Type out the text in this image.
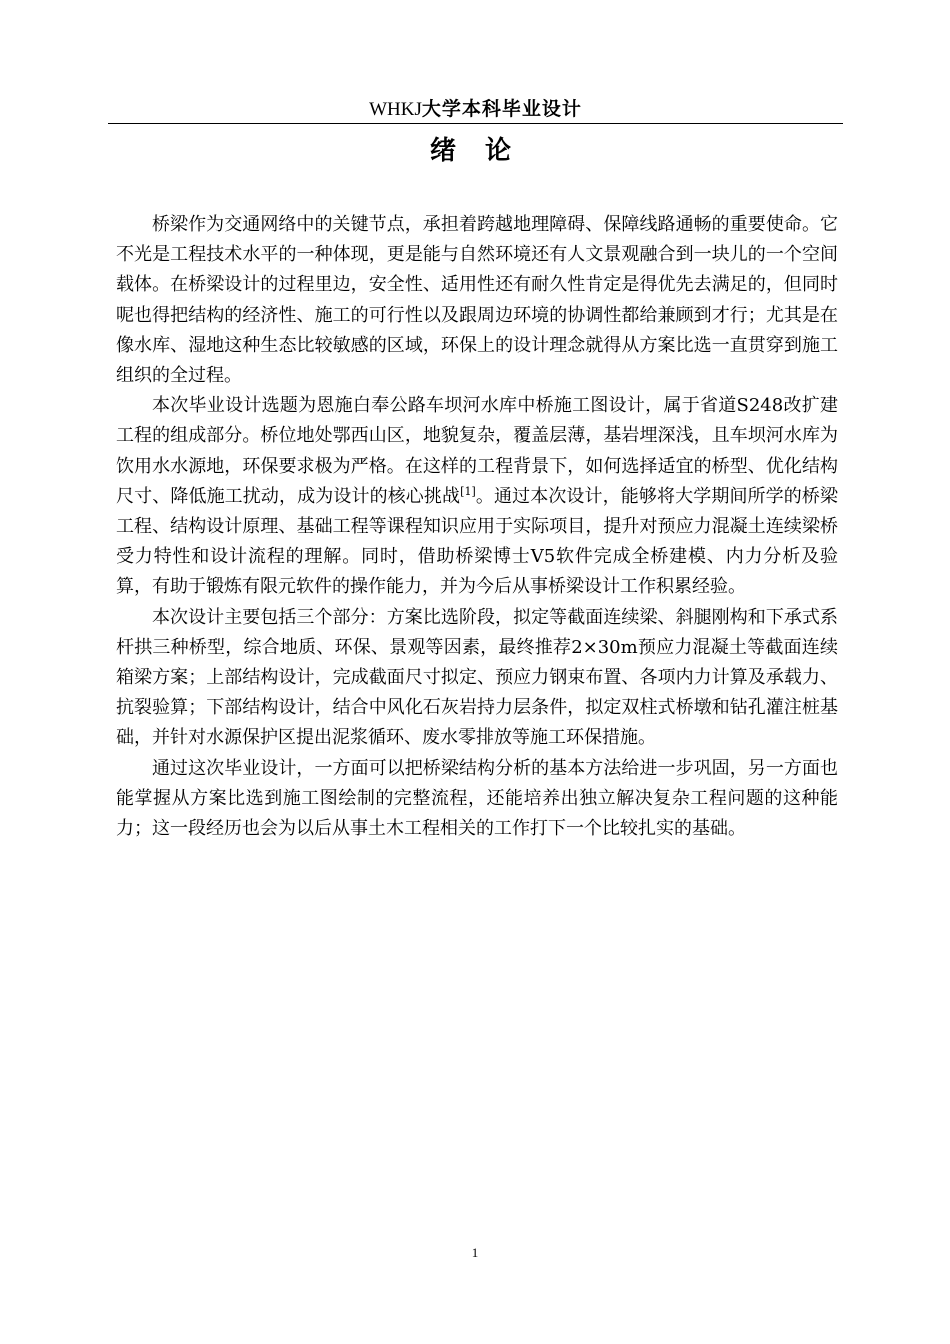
WHKJ大学本科毕业设计
绪 论

桥梁作为交通网络中的关键节点，承担着跨越地理障碍、保障线路通畅的重要使命。它不光是工程技术水平的一种体现，更是能与自然环境还有人文景观融合到一块儿的一个空间载体。在桥梁设计的过程里边，安全性、适用性还有耐久性肯定是得优先去满足的，但同时呢也得把结构的经济性、施工的可行性以及跟周边环境的协调性都给兼顾到才行；尤其是在像水库、湿地这种生态比较敏感的区域，环保上的设计理念就得从方案比选一直贯穿到施工组织的全过程。

本次毕业设计选题为恩施白奉公路车坝河水库中桥施工图设计，属于省道S248改扩建工程的组成部分。桥位地处鄂西山区，地貌复杂，覆盖层薄，基岩埋深浅，且车坝河水库为饮用水水源地，环保要求极为严格。在这样的工程背景下，如何选择适宜的桥型、优化结构尺寸、降低施工扰动，成为设计的核心挑战[1]。通过本次设计，能够将大学期间所学的桥梁工程、结构设计原理、基础工程等课程知识应用于实际项目，提升对预应力混凝土连续梁桥受力特性和设计流程的理解。同时，借助桥梁博士V5软件完成全桥建模、内力分析及验算，有助于锻炼有限元软件的操作能力，并为今后从事桥梁设计工作积累经验。

本次设计主要包括三个部分：方案比选阶段，拟定等截面连续梁、斜腿刚构和下承式系杆拱三种桥型，综合地质、环保、景观等因素，最终推荐2×30m预应力混凝土等截面连续箱梁方案；上部结构设计，完成截面尺寸拟定、预应力钢束布置、各项内力计算及承载力、抗裂验算；下部结构设计，结合中风化石灰岩持力层条件，拟定双柱式桥墩和钻孔灌注桩基础，并针对水源保护区提出泥浆循环、废水零排放等施工环保措施。

通过这次毕业设计，一方面可以把桥梁结构分析的基本方法给进一步巩固，另一方面也能掌握从方案比选到施工图绘制的完整流程，还能培养出独立解决复杂工程问题的这种能力；这一段经历也会为以后从事土木工程相关的工作打下一个比较扎实的基础。

1
